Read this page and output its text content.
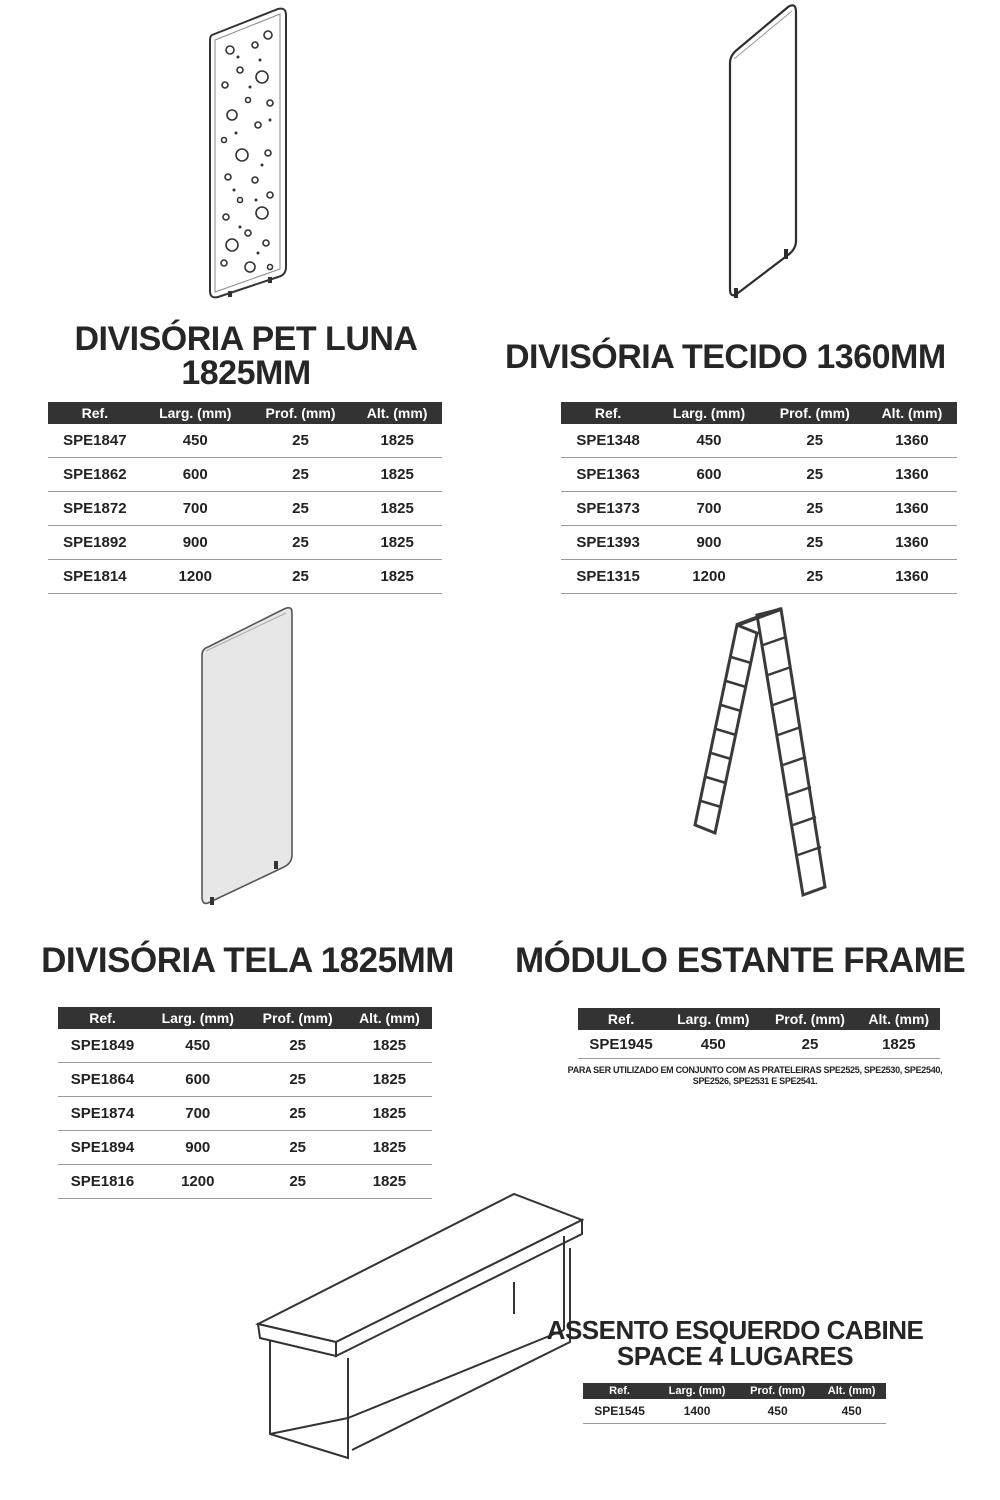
DIVISÓRIA PET LUNA
1825MM
Ref.	Larg. (mm)	Prof. (mm)	Alt. (mm)
SPE1847	450	25	1825
SPE1862	600	25	1825
SPE1872	700	25	1825
SPE1892	900	25	1825
SPE1814	1200	25	1825
DIVISÓRIA TECIDO 1360MM
Ref.	Larg. (mm)	Prof. (mm)	Alt. (mm)
SPE1348	450	25	1360
SPE1363	600	25	1360
SPE1373	700	25	1360
SPE1393	900	25	1360
SPE1315	1200	25	1360
DIVISÓRIA TELA 1825MM
Ref.	Larg. (mm)	Prof. (mm)	Alt. (mm)
SPE1849	450	25	1825
SPE1864	600	25	1825
SPE1874	700	25	1825
SPE1894	900	25	1825
SPE1816	1200	25	1825
MÓDULO ESTANTE FRAME
Ref.	Larg. (mm)	Prof. (mm)	Alt. (mm)
SPE1945	450	25	1825
PARA SER UTILIZADO EM CONJUNTO COM AS PRATELEIRAS SPE2525, SPE2530, SPE2540,
SPE2526, SPE2531 E SPE2541.
ASSENTO ESQUERDO CABINE
SPACE 4 LUGARES
Ref.	Larg. (mm)	Prof. (mm)	Alt. (mm)
SPE1545	1400	450	450
